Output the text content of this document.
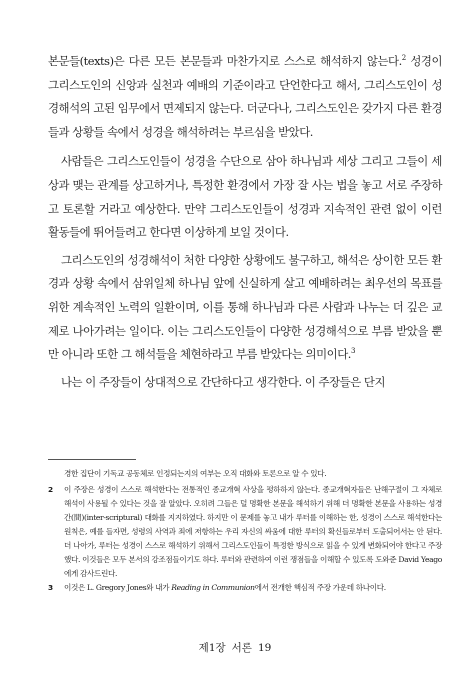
본문들(texts)은 다른 모든 본문들과 마찬가지로 스스로 해석하지 않는다.$^2$ 성경이 그리스도인의 신앙과 실천과 예배의 기준이라고 단언한다고 해서, 그리스도인이 성경해석의 고된 임무에서 면제되지 않는다. 더군다나, 그리스도인은 갖가지 다른 환경들과 상황들 속에서 성경을 해석하려는 부르심을 받았다.

사람들은 그리스도인들이 성경을 수단으로 삼아 하나님과 세상 그리고 그들이 세상과 맺는 관계를 상고하거나, 특정한 환경에서 가장 잘 사는 법을 놓고 서로 주장하고 토론할 거라고 예상한다. 만약 그리스도인들이 성경과 지속적인 관련 없이 이런 활동들에 뛰어들려고 한다면 이상하게 보일 것이다.

그리스도인의 성경해석이 처한 다양한 상황에도 불구하고, 해석은 상이한 모든 환경과 상황 속에서 삼위일체 하나님 앞에 신실하게 살고 예배하려는 최우선의 목표를 위한 계속적인 노력의 일환이며, 이를 통해 하나님과 다른 사람과 나누는 더 깊은 교제로 나아가려는 일이다. 이는 그리스도인들이 다양한 성경해석으로 부름 받았을 뿐만 아니라 또한 그 해석들을 체현하라고 부름 받았다는 의미이다.$^3$

나는 이 주장들이 상대적으로 간단하다고 생각한다. 이 주장들은 단지

경한 집단이 기독교 공동체로 인정되는지의 여부는 오직 대화와 토론으로 알 수 있다.

2	이 주장은 성경이 스스로 해석한다는 전통적인 종교개혁 사상을 평하하지 않는다. 종교개혁자들은 난해구절이 그 자체로 해석이 사용될 수 있다는 것을 잘 알았다. 오히려 그들은 덜 명확한 본문을 해석하기 위해 더 명확한 본문을 사용하는 성경 간(間)(inter-scriptural) 대화를 지지하였다. 하지만 이 문제를 놓고 내가 루터를 이해하는 한, 성경이 스스로 해석한다는 원칙은, 예를 들자면, 성령의 사역과 죄에 저항하는 우리 자신의 싸움에 대한 루터의 확신들로부터 도출되어서는 안 된다. 더 나아가, 루터는 성경이 스스로 해석하기 위해서 그리스도인들이 특정한 방식으로 읽을 수 있게 변화되어야 한다고 주장했다. 이것들은 모두 본서의 강조점들이기도 하다. 루터와 관련하여 이런 쟁점들을 이해할 수 있도록 도와준 David Yeago에게 감사드린다.
3	이것은 L. Gregory Jones와 내가 Reading in Communion에서 전개한 핵심적 주장 가운데 하나이다.
제1장 서론 19
